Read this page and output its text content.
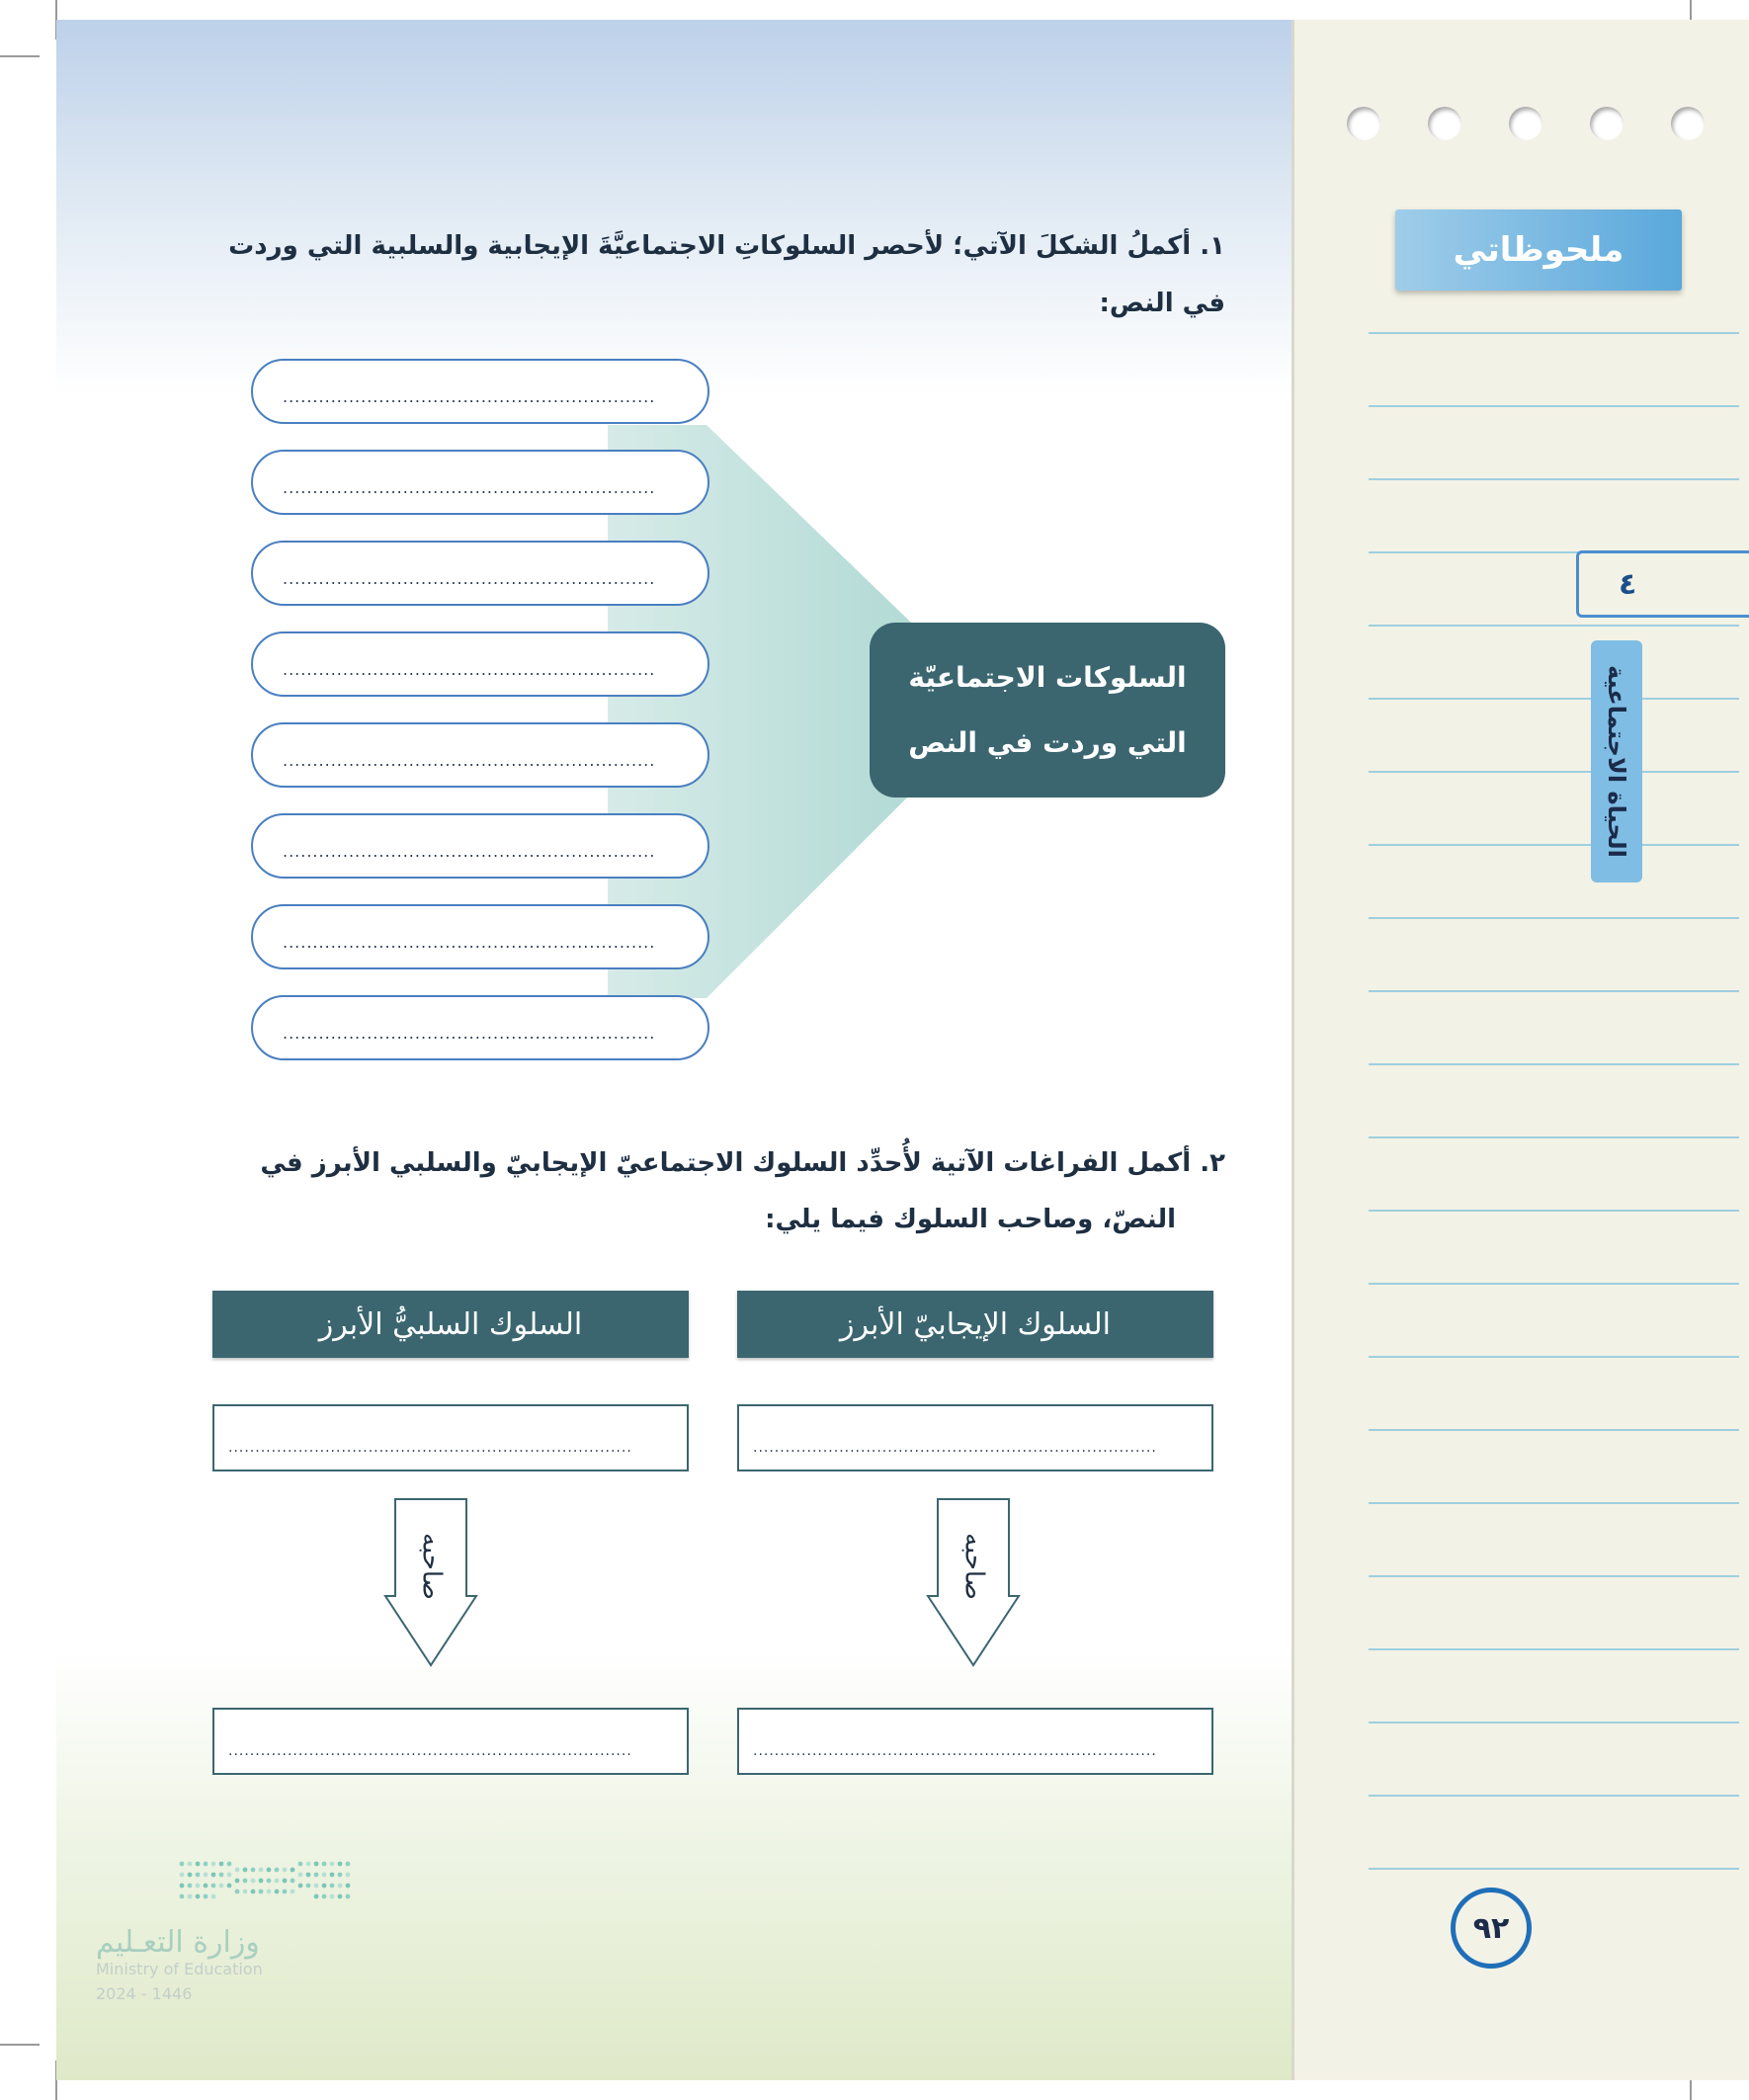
ملحوظاتي
٤
الحياة الاجتماعية
٩٢
١. أكملُ الشكلَ الآتي؛ لأحصر السلوكاتِ الاجتماعيَّةَ الإيجابية والسلبية التي وردت
في النص:
..............................................................
..............................................................
..............................................................
..............................................................
..............................................................
..............................................................
..............................................................
..............................................................
السلوكات الاجتماعيّة
التي وردت في النص
٢. أكمل الفراغات الآتية لأُحدِّد السلوك الاجتماعيّ الإيجابيّ والسلبي الأبرز في
النصّ، وصاحب السلوك فيما يلي:
السلوك الإيجابيّ الأبرز
السلوك السلبيُّ الأبرز
...........................................................................
...........................................................................
صاحبه
صاحبه
...........................................................................
...........................................................................
وزارة التعـليم
Ministry of Education
2024 - 1446
